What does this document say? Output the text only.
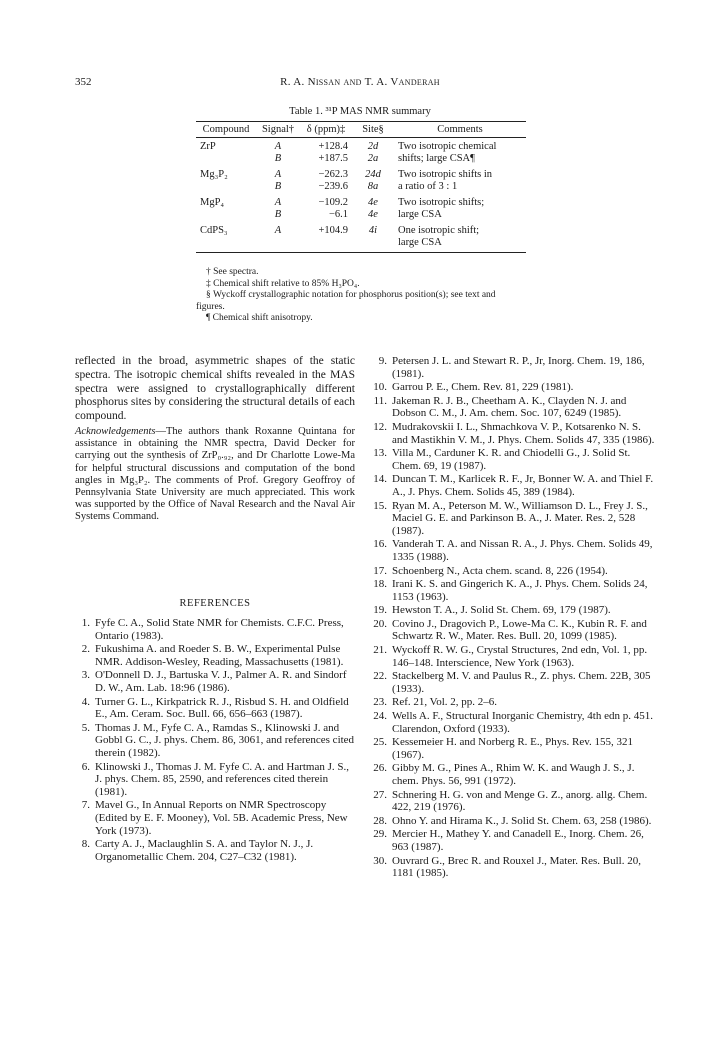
352	R. A. Nissan and T. A. Vanderah
Table 1. ³¹P MAS NMR summary
Compound	Signal†	δ (ppm)‡	Site§	Comments
ZrP	A	+128.4	2d	Two isotropic chemical
	B	+187.5	2a	shifts; large CSA¶
Mg₃P₂	A	−262.3	24d	Two isotropic shifts in
	B	−239.6	8a	a ratio of 3 : 1
MgP₄	A	−109.2	4e	Two isotropic shifts;
	B	−6.1	4e	large CSA
CdPS₃	A	+104.9	4i	One isotropic shift;
				large CSA
† See spectra.
‡ Chemical shift relative to 85% H₃PO₄.
§ Wyckoff crystallographic notation for phosphorus position(s); see text and figures.
¶ Chemical shift anisotropy.
reflected in the broad, asymmetric shapes of the static spectra. The isotropic chemical shifts revealed in the MAS spectra were assigned to crystallographically different phosphorus sites by considering the structural details of each compound.
Acknowledgements—The authors thank Roxanne Quintana for assistance in obtaining the NMR spectra, David Decker for carrying out the synthesis of ZrP₀.₉₂, and Dr Charlotte Lowe-Ma for helpful structural discussions and computation of the bond angles in Mg₃P₂. The comments of Prof. Gregory Geoffroy of Pennsylvania State University are much appreciated. This work was supported by the Office of Naval Research and the Naval Air Systems Command.
REFERENCES
1. Fyfe C. A., Solid State NMR for Chemists. C.F.C. Press, Ontario (1983).
2. Fukushima A. and Roeder S. B. W., Experimental Pulse NMR. Addison-Wesley, Reading, Massachusetts (1981).
3. O'Donnell D. J., Bartuska V. J., Palmer A. R. and Sindorf D. W., Am. Lab. 18:96 (1986).
4. Turner G. L., Kirkpatrick R. J., Risbud S. H. and Oldfield E., Am. Ceram. Soc. Bull. 66, 656–663 (1987).
5. Thomas J. M., Fyfe C. A., Ramdas S., Klinowski J. and Gobbl G. C., J. phys. Chem. 86, 3061, and references cited therein (1982).
6. Klinowski J., Thomas J. M. Fyfe C. A. and Hartman J. S., J. phys. Chem. 85, 2590, and references cited therein (1981).
7. Mavel G., In Annual Reports on NMR Spectroscopy (Edited by E. F. Mooney), Vol. 5B. Academic Press, New York (1973).
8. Carty A. J., Maclaughlin S. A. and Taylor N. J., J. Organometallic Chem. 204, C27–C32 (1981).
9. Petersen J. L. and Stewart R. P., Jr, Inorg. Chem. 19, 186, (1981).
10. Garrou P. E., Chem. Rev. 81, 229 (1981).
11. Jakeman R. J. B., Cheetham A. K., Clayden N. J. and Dobson C. M., J. Am. chem. Soc. 107, 6249 (1985).
12. Mudrakovskii I. L., Shmachkova V. P., Kotsarenko N. S. and Mastikhin V. M., J. Phys. Chem. Solids 47, 335 (1986).
13. Villa M., Carduner K. R. and Chiodelli G., J. Solid St. Chem. 69, 19 (1987).
14. Duncan T. M., Karlicek R. F., Jr, Bonner W. A. and Thiel F. A., J. Phys. Chem. Solids 45, 389 (1984).
15. Ryan M. A., Peterson M. W., Williamson D. L., Frey J. S., Maciel G. E. and Parkinson B. A., J. Mater. Res. 2, 528 (1987).
16. Vanderah T. A. and Nissan R. A., J. Phys. Chem. Solids 49, 1335 (1988).
17. Schoenberg N., Acta chem. scand. 8, 226 (1954).
18. Irani K. S. and Gingerich K. A., J. Phys. Chem. Solids 24, 1153 (1963).
19. Hewston T. A., J. Solid St. Chem. 69, 179 (1987).
20. Covino J., Dragovich P., Lowe-Ma C. K., Kubin R. F. and Schwartz R. W., Mater. Res. Bull. 20, 1099 (1985).
21. Wyckoff R. W. G., Crystal Structures, 2nd edn, Vol. 1, pp. 146–148. Interscience, New York (1963).
22. Stackelberg M. V. and Paulus R., Z. phys. Chem. 22B, 305 (1933).
23. Ref. 21, Vol. 2, pp. 2–6.
24. Wells A. F., Structural Inorganic Chemistry, 4th edn p. 451. Clarendon, Oxford (1933).
25. Kessemeier H. and Norberg R. E., Phys. Rev. 155, 321 (1967).
26. Gibby M. G., Pines A., Rhim W. K. and Waugh J. S., J. chem. Phys. 56, 991 (1972).
27. Schnering H. G. von and Menge G. Z., anorg. allg. Chem. 422, 219 (1976).
28. Ohno Y. and Hirama K., J. Solid St. Chem. 63, 258 (1986).
29. Mercier H., Mathey Y. and Canadell E., Inorg. Chem. 26, 963 (1987).
30. Ouvrard G., Brec R. and Rouxel J., Mater. Res. Bull. 20, 1181 (1985).
